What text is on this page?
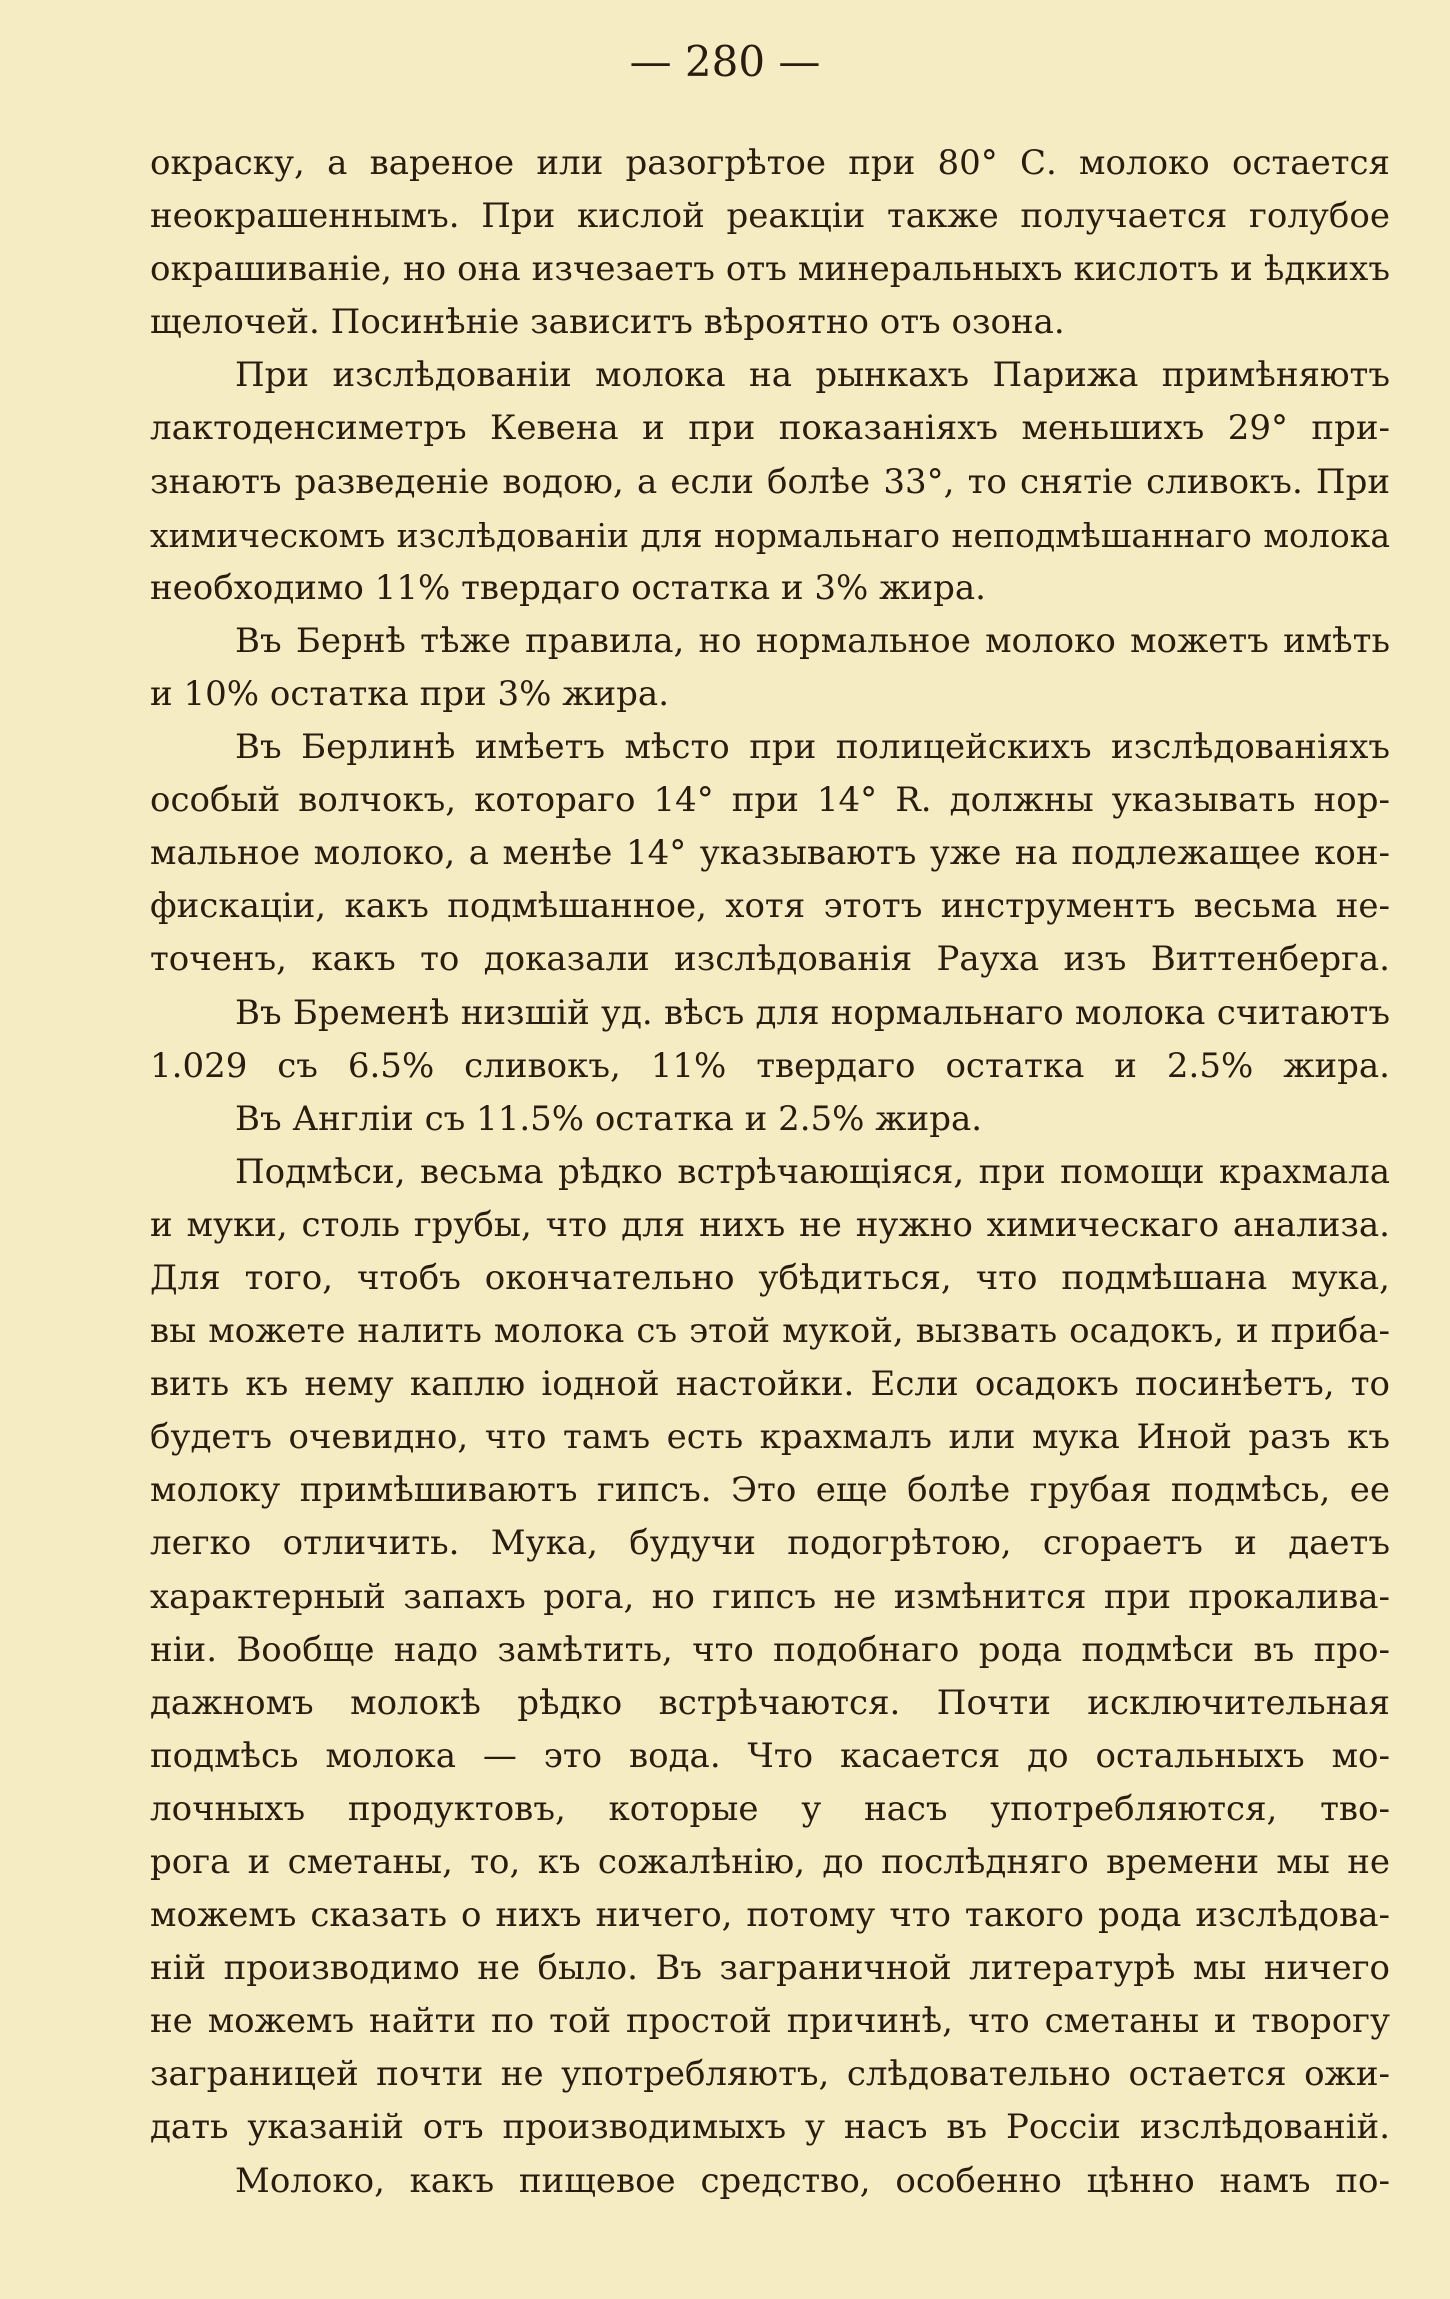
— 280 —
окраску, а вареное или разогрѣтое при 80° С. молоко остается
неокрашеннымъ. При кислой реакціи также получается голубое
окрашиваніе, но она изчезаетъ отъ минеральныхъ кислотъ и ѣдкихъ
щелочей. Посинѣніе зависитъ вѣроятно отъ озона.
При изслѣдованіи молока на рынкахъ Парижа примѣняютъ
лактоденсиметръ Кевена и при показаніяхъ меньшихъ 29° при-
знаютъ разведеніе водою, а если болѣе 33°, то снятіе сливокъ. При
химическомъ изслѣдованіи для нормальнаго неподмѣшаннаго молока
необходимо 11% твердаго остатка и 3% жира.
Въ Бернѣ тѣже правила, но нормальное молоко можетъ имѣть
и 10% остатка при 3% жира.
Въ Берлинѣ имѣетъ мѣсто при полицейскихъ изслѣдованіяхъ
особый волчокъ, котораго 14° при 14° R. должны указывать нор-
мальное молоко, а менѣе 14° указываютъ уже на подлежащее кон-
фискаціи, какъ подмѣшанное, хотя этотъ инструментъ весьма не-
точенъ, какъ то доказали изслѣдованія Рауха изъ Виттенберга.
Въ Бременѣ низшій уд. вѣсъ для нормальнаго молока считаютъ
1.029 съ 6.5% сливокъ, 11% твердаго остатка и 2.5% жира.
Въ Англіи съ 11.5% остатка и 2.5% жира.
Подмѣси, весьма рѣдко встрѣчающіяся, при помощи крахмала
и муки, столь грубы, что для нихъ не нужно химическаго анализа.
Для того, чтобъ окончательно убѣдиться, что подмѣшана мука,
вы можете налить молока съ этой мукой, вызвать осадокъ, и приба-
вить къ нему каплю іодной настойки. Если осадокъ посинѣетъ, то
будетъ очевидно, что тамъ есть крахмалъ или мука Иной разъ къ
молоку примѣшиваютъ гипсъ. Это еще болѣе грубая подмѣсь, ее
легко отличить. Мука, будучи подогрѣтою, сгораетъ и даетъ
характерный запахъ рога, но гипсъ не измѣнится при прокалива-
ніи. Вообще надо замѣтить, что подобнаго рода подмѣси въ про-
дажномъ молокѣ рѣдко встрѣчаются. Почти исключительная
подмѣсь молока — это вода. Что касается до остальныхъ мо-
лочныхъ продуктовъ, которые у насъ употребляются, тво-
рога и сметаны, то, къ сожалѣнію, до послѣдняго времени мы не
можемъ сказать о нихъ ничего, потому что такого рода изслѣдова-
ній производимо не было. Въ заграничной литературѣ мы ничего
не можемъ найти по той простой причинѣ, что сметаны и творогу
заграницей почти не употребляютъ, слѣдовательно остается ожи-
дать указаній отъ производимыхъ у насъ въ Россіи изслѣдованій.
Молоко, какъ пищевое средство, особенно цѣнно намъ по-
